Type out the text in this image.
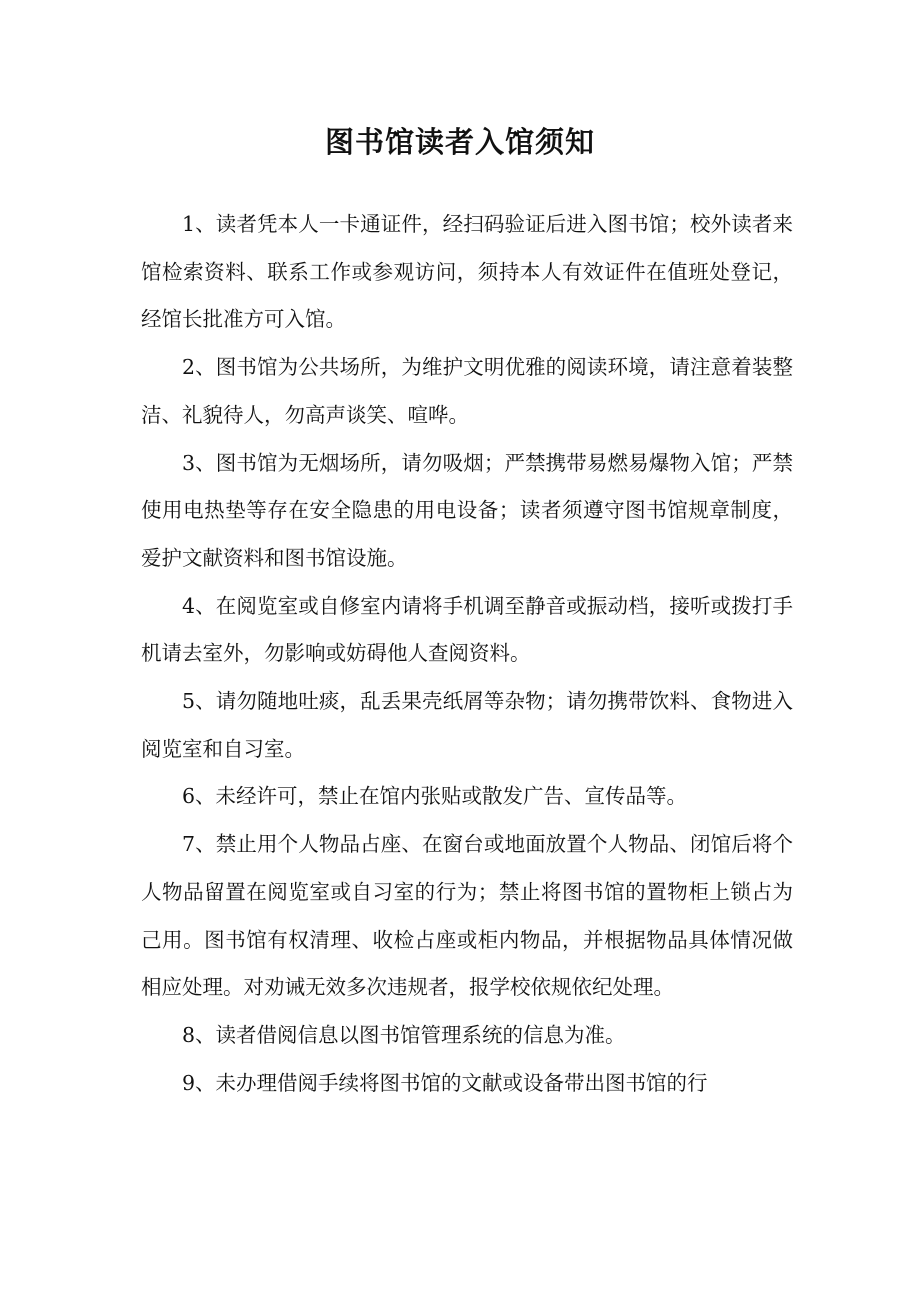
图书馆读者入馆须知

1、读者凭本人一卡通证件，经扫码验证后进入图书馆；校外读者来馆检索资料、联系工作或参观访问，须持本人有效证件在值班处登记，经馆长批准方可入馆。

2、图书馆为公共场所，为维护文明优雅的阅读环境，请注意着装整洁、礼貌待人，勿高声谈笑、喧哗。

3、图书馆为无烟场所，请勿吸烟；严禁携带易燃易爆物入馆；严禁使用电热垫等存在安全隐患的用电设备；读者须遵守图书馆规章制度，爱护文献资料和图书馆设施。

4、在阅览室或自修室内请将手机调至静音或振动档，接听或拨打手机请去室外，勿影响或妨碍他人查阅资料。

5、请勿随地吐痰，乱丢果壳纸屑等杂物；请勿携带饮料、食物进入阅览室和自习室。

6、未经许可，禁止在馆内张贴或散发广告、宣传品等。

7、禁止用个人物品占座、在窗台或地面放置个人物品、闭馆后将个人物品留置在阅览室或自习室的行为；禁止将图书馆的置物柜上锁占为己用。图书馆有权清理、收检占座或柜内物品，并根据物品具体情况做相应处理。对劝诫无效多次违规者，报学校依规依纪处理。

8、读者借阅信息以图书馆管理系统的信息为准。

9、未办理借阅手续将图书馆的文献或设备带出图书馆的行
